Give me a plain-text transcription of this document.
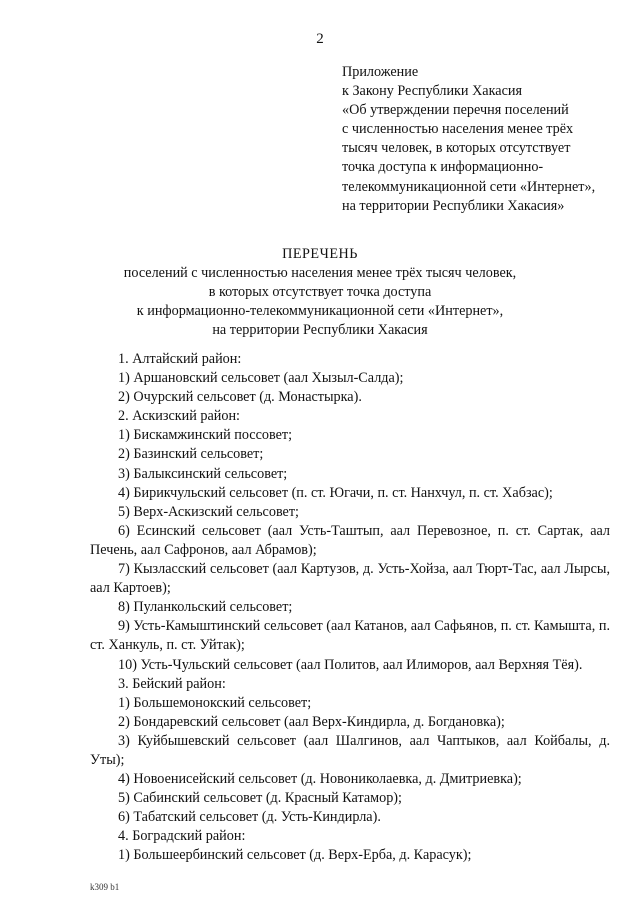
2
Приложение
к Закону Республики Хакасия
«Об утверждении перечня поселений
с численностью населения менее трёх
тысяч человек, в которых отсутствует
точка доступа к информационно-
телекоммуникационной сети «Интернет»,
на территории Республики Хакасия»
ПЕРЕЧЕНЬ
поселений с численностью населения менее трёх тысяч человек,
в которых отсутствует точка доступа
к информационно-телекоммуникационной сети «Интернет»,
на территории Республики Хакасия
1. Алтайский район:
1) Аршановский сельсовет (аал Хызыл-Салда);
2) Очурский сельсовет (д. Монастырка).
2. Аскизский район:
1) Бискамжинский поссовет;
2) Базинский сельсовет;
3) Балыксинский сельсовет;
4) Бирикчульский сельсовет (п. ст. Югачи, п. ст. Нанхчул, п. ст. Хабзас);
5) Верх-Аскизский сельсовет;
6) Есинский сельсовет (аал Усть-Таштып, аал Перевозное, п. ст. Сартак, аал Печень, аал Сафронов, аал Абрамов);
7) Кызласский сельсовет (аал Картузов, д. Усть-Хойза, аал Тюрт-Тас, аал Лырсы, аал Картоев);
8) Пуланкольский сельсовет;
9) Усть-Камыштинский сельсовет (аал Катанов, аал Сафьянов, п. ст. Камышта, п. ст. Ханкуль, п. ст. Уйтак);
10) Усть-Чульский сельсовет (аал Политов, аал Илиморов, аал Верхняя Тёя).
3. Бейский район:
1) Большемонокский сельсовет;
2) Бондаревский сельсовет (аал Верх-Киндирла, д. Богдановка);
3) Куйбышевский сельсовет (аал Шалгинов, аал Чаптыков, аал Койбалы, д. Уты);
4) Новоенисейский сельсовет (д. Новониколаевка, д. Дмитриевка);
5) Сабинский сельсовет (д. Красный Катамор);
6) Табатский сельсовет (д. Усть-Киндирла).
4. Боградский район:
1) Большеербинский сельсовет (д. Верх-Ерба, д. Карасук);
k309 b1
